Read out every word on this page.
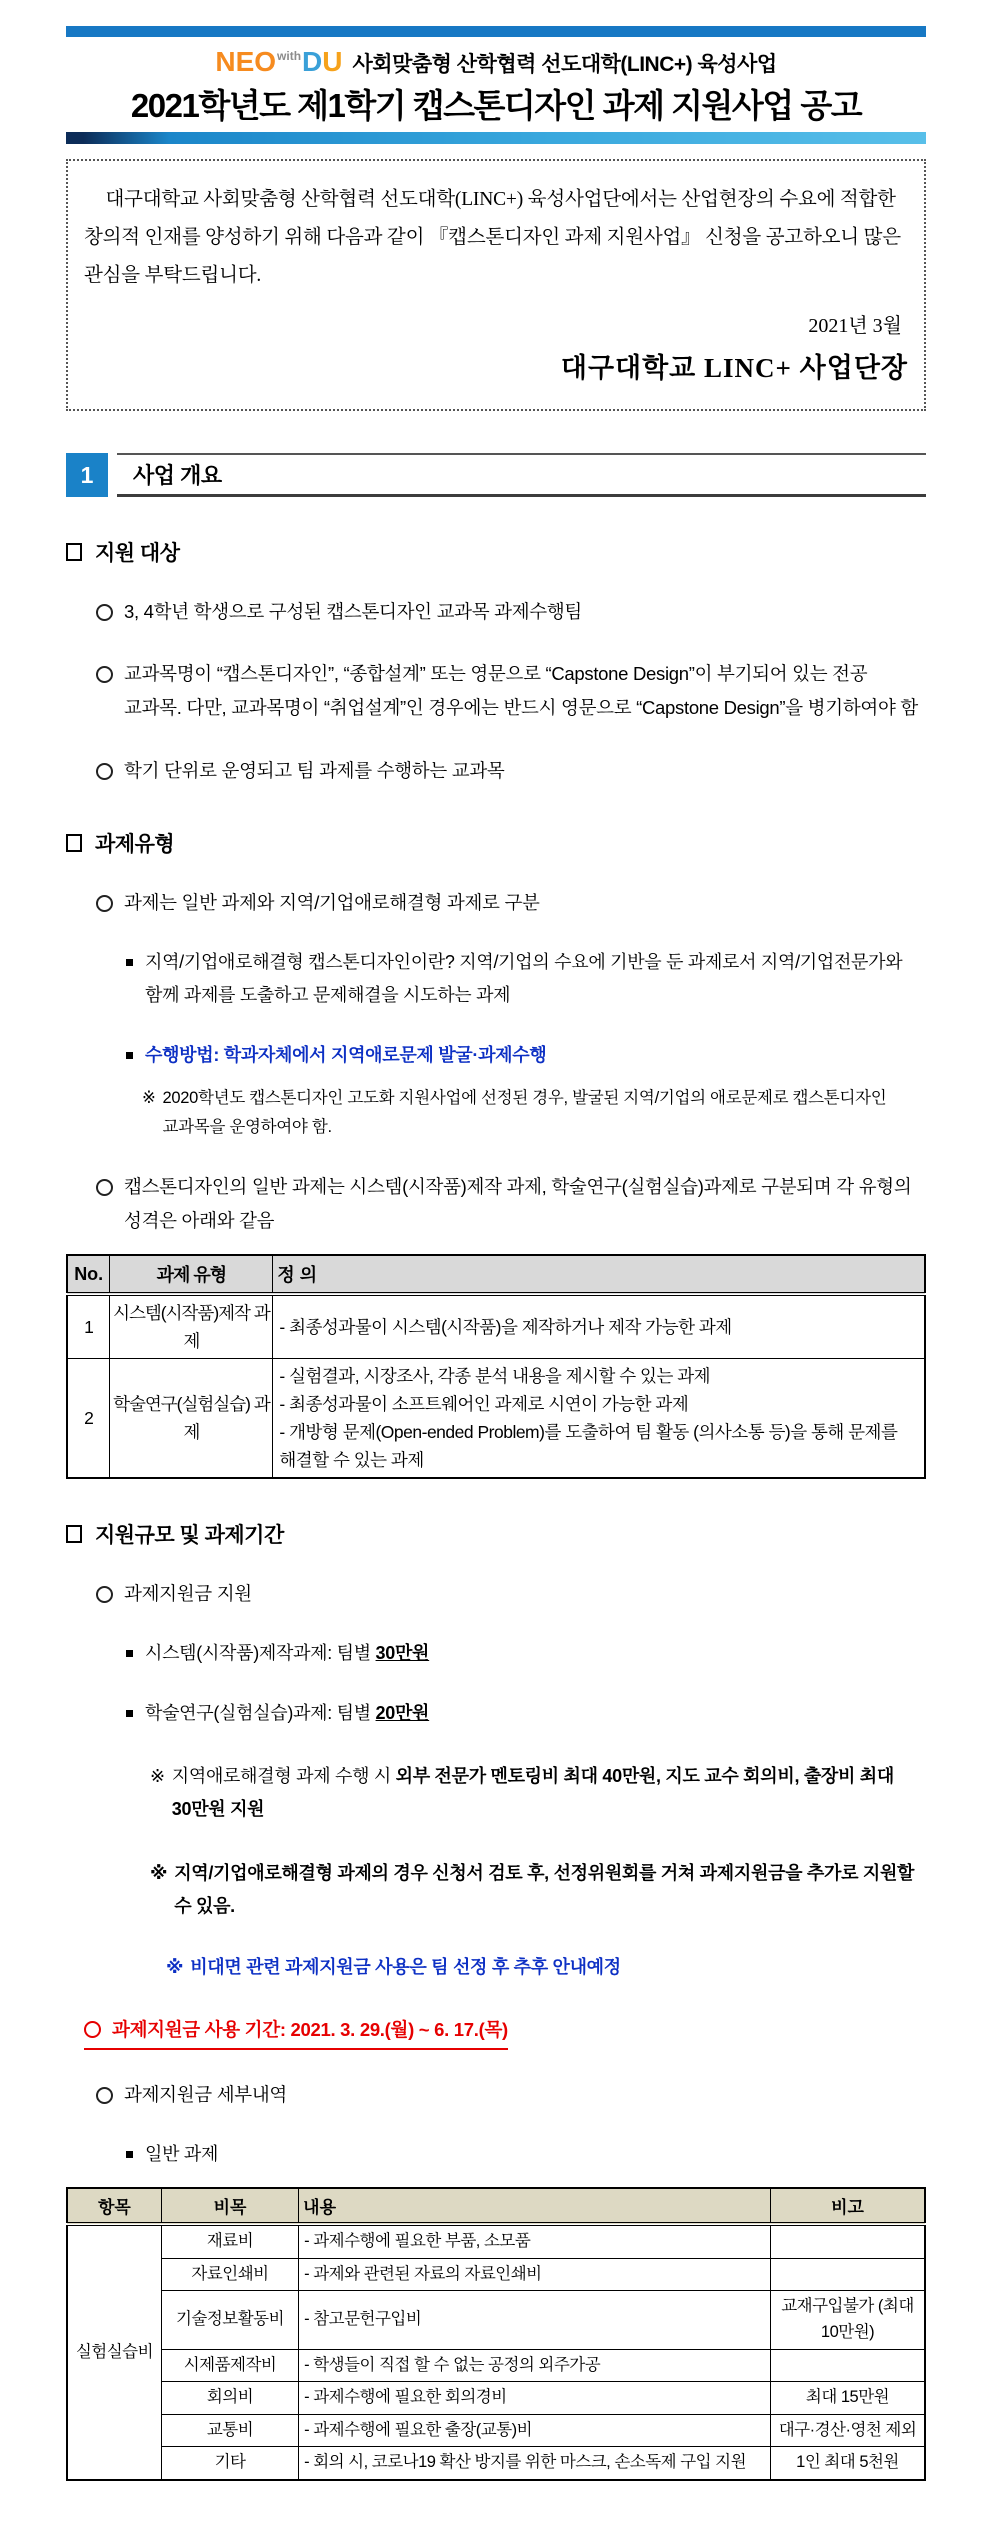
NEO with D U 사회맞춤형 산학협력 선도대학(LINC+) 육성사업
2021학년도 제1학기 캡스톤디자인 과제 지원사업 공고

대구대학교 사회맞춤형 산학협력 선도대학(LINC+) 육성사업단에서는 산업현장의 수요에 적합한 창의적 인재를 양성하기 위해 다음과 같이 『캡스톤디자인 과제 지원사업』 신청을 공고하오니 많은 관심을 부탁드립니다.

2021년 3월

대구대학교 LINC+ 사업단장

1	사업 개요
지원 대상
3, 4학년 학생으로 구성된 캡스톤디자인 교과목 과제수행팀
교과목명이 “캡스톤디자인”, “종합설계” 또는 영문으로 “Capstone Design”이 부기되어 있는 전공 교과목. 다만, 교과목명이 “취업설계”인 경우에는 반드시 영문으로 “Capstone Design”을 병기하여야 함
학기 단위로 운영되고 팀 과제를 수행하는 교과목
과제유형
과제는 일반 과제와 지역/기업애로해결형 과제로 구분
지역/기업애로해결형 캡스톤디자인이란? 지역/기업의 수요에 기반을 둔 과제로서 지역/기업전문가와 함께 과제를 도출하고 문제해결을 시도하는 과제
수행방법: 학과자체에서 지역애로문제 발굴·과제수행
※ 2020학년도 캡스톤디자인 고도화 지원사업에 선정된 경우, 발굴된 지역/기업의 애로문제로 캡스톤디자인 교과목을 운영하여야 함.
캡스톤디자인의 일반 과제는 시스템(시작품)제작 과제, 학술연구(실험실습)과제로 구분되며 각 유형의 성격은 아래와 같음
No.	과제 유형	정 의
1	시스템(시작품)제작 과제	- 최종성과물이 시스템(시작품)을 제작하거나 제작 가능한 과제

2	학술연구(실험실습) 과제	- 실험결과, 시장조사, 각종 분석 내용을 제시할 수 있는 과제
- 최종성과물이 소프트웨어인 과제로 시연이 가능한 과제
- 개방형 문제(Open-ended Problem)를 도출하여 팀 활동 (의사소통 등)을 통해 문제를 해결할 수 있는 과제
지원규모 및 과제기간
과제지원금 지원
시스템(시작품)제작과제: 팀별 30만원
학술연구(실험실습)과제: 팀별 20만원
※ 지역애로해결형 과제 수행 시 외부 전문가 멘토링비 최대 40만원, 지도 교수 회의비, 출장비 최대 30만원 지원
※ 지역/기업애로해결형 과제의 경우 신청서 검토 후, 선정위원회를 거쳐 과제지원금을 추가로 지원할 수 있음.
※ 비대면 관련 과제지원금 사용은 팀 선정 후 추후 안내예정
과제지원금 사용 기간: 2021. 3. 29.(월) ~ 6. 17.(목)
과제지원금 세부내역
일반 과제
항목	비목	내용	비고
실험실습비	재료비	- 과제수행에 필요한 부품, 소모품	
	자료인쇄비	- 과제와 관련된 자료의 자료인쇄비	
	기술정보활동비	- 참고문헌구입비	교재구입불가 (최대 10만원)
	시제품제작비	- 학생들이 직접 할 수 없는 공정의 외주가공	
	회의비	- 과제수행에 필요한 회의경비	최대 15만원
	교통비	- 과제수행에 필요한 출장(교통)비	대구·경산·영천 제외
	기타	- 회의 시, 코로나19 확산 방지를 위한 마스크, 손소독제 구입 지원	1인 최대 5천원
